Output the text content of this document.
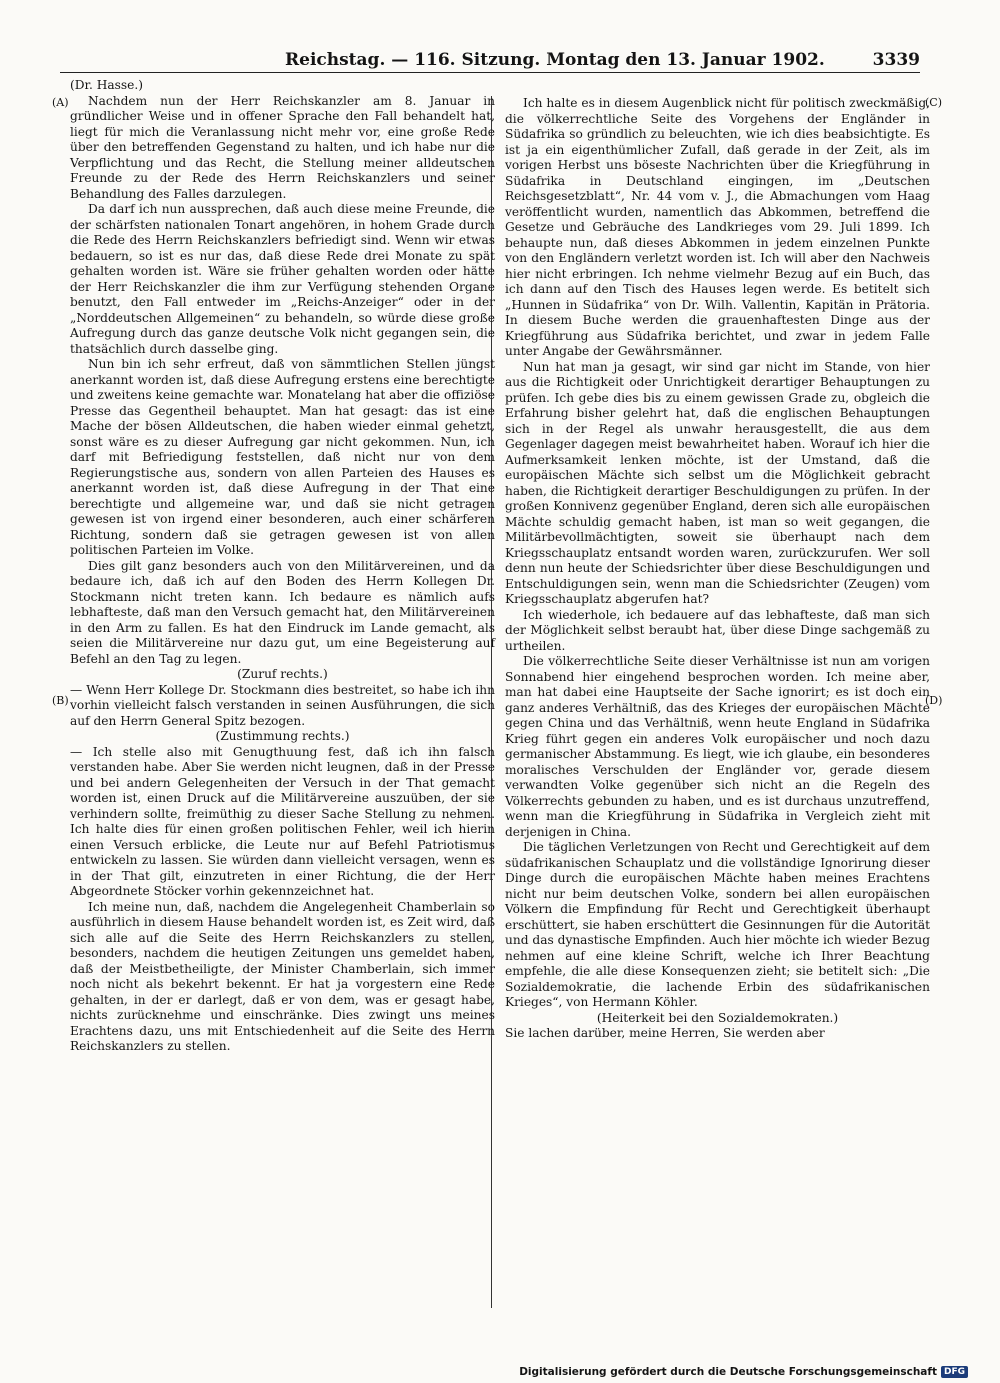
Reichstag. — 116. Sitzung. Montag den 13. Januar 1902.	3339
(A)
(B)
(C)
(D)

(Dr. Hasse.)

Nachdem nun der Herr Reichskanzler am 8. Januar in gründlicher Weise und in offener Sprache den Fall behandelt hat, liegt für mich die Veranlassung nicht mehr vor, eine große Rede über den betreffenden Gegenstand zu halten, und ich habe nur die Verpflichtung und das Recht, die Stellung meiner alldeutschen Freunde zu der Rede des Herrn Reichskanzlers und seiner Behandlung des Falles darzulegen.

Da darf ich nun aussprechen, daß auch diese meine Freunde, die der schärfsten nationalen Tonart angehören, in hohem Grade durch die Rede des Herrn Reichskanzlers befriedigt sind. Wenn wir etwas bedauern, so ist es nur das, daß diese Rede drei Monate zu spät gehalten worden ist. Wäre sie früher gehalten worden oder hätte der Herr Reichskanzler die ihm zur Verfügung stehenden Organe benutzt, den Fall entweder im „Reichs-Anzeiger“ oder in der „Norddeutschen Allgemeinen“ zu behandeln, so würde diese große Aufregung durch das ganze deutsche Volk nicht gegangen sein, die thatsächlich durch dasselbe ging.

Nun bin ich sehr erfreut, daß von sämmtlichen Stellen jüngst anerkannt worden ist, daß diese Aufregung erstens eine berechtigte und zweitens keine gemachte war. Monatelang hat aber die offiziöse Presse das Gegentheil behauptet. Man hat gesagt: das ist eine Mache der bösen Alldeutschen, die haben wieder einmal gehetzt, sonst wäre es zu dieser Aufregung gar nicht gekommen. Nun, ich darf mit Befriedigung feststellen, daß nicht nur von dem Regierungstische aus, sondern von allen Parteien des Hauses es anerkannt worden ist, daß diese Aufregung in der That eine berechtigte und allgemeine war, und daß sie nicht getragen gewesen ist von irgend einer besonderen, auch einer schärferen Richtung, sondern daß sie getragen gewesen ist von allen politischen Parteien im Volke.

Dies gilt ganz besonders auch von den Militärvereinen, und da bedaure ich, daß ich auf den Boden des Herrn Kollegen Dr. Stockmann nicht treten kann. Ich bedaure es nämlich aufs lebhafteste, daß man den Versuch gemacht hat, den Militärvereinen in den Arm zu fallen. Es hat den Eindruck im Lande gemacht, als seien die Militärvereine nur dazu gut, um eine Begeisterung auf Befehl an den Tag zu legen.

(Zuruf rechts.)

— Wenn Herr Kollege Dr. Stockmann dies bestreitet, so habe ich ihn vorhin vielleicht falsch verstanden in seinen Ausführungen, die sich auf den Herrn General Spitz bezogen.

(Zustimmung rechts.)

— Ich stelle also mit Genugthuung fest, daß ich ihn falsch verstanden habe. Aber Sie werden nicht leugnen, daß in der Presse und bei andern Gelegenheiten der Versuch in der That gemacht worden ist, einen Druck auf die Militärvereine auszuüben, der sie verhindern sollte, freimüthig zu dieser Sache Stellung zu nehmen. Ich halte dies für einen großen politischen Fehler, weil ich hierin einen Versuch erblicke, die Leute nur auf Befehl Patriotismus entwickeln zu lassen. Sie würden dann vielleicht versagen, wenn es in der That gilt, einzutreten in einer Richtung, die der Herr Abgeordnete Stöcker vorhin gekennzeichnet hat.

Ich meine nun, daß, nachdem die Angelegenheit Chamberlain so ausführlich in diesem Hause behandelt worden ist, es Zeit wird, daß sich alle auf die Seite des Herrn Reichskanzlers zu stellen, besonders, nachdem die heutigen Zeitungen uns gemeldet haben, daß der Meistbetheiligte, der Minister Chamberlain, sich immer noch nicht als bekehrt bekennt. Er hat ja vorgestern eine Rede gehalten, in der er darlegt, daß er von dem, was er gesagt habe, nichts zurücknehme und einschränke. Dies zwingt uns meines Erachtens dazu, uns mit Entschiedenheit auf die Seite des Herrn Reichskanzlers zu stellen.

Ich halte es in diesem Augenblick nicht für politisch zweckmäßig, die völkerrechtliche Seite des Vorgehens der Engländer in Südafrika so gründlich zu beleuchten, wie ich dies beabsichtigte. Es ist ja ein eigenthümlicher Zufall, daß gerade in der Zeit, als im vorigen Herbst uns böseste Nachrichten über die Kriegführung in Südafrika in Deutschland eingingen, im „Deutschen Reichsgesetzblatt“, Nr. 44 vom v. J., die Abmachungen vom Haag veröffentlicht wurden, namentlich das Abkommen, betreffend die Gesetze und Gebräuche des Landkrieges vom 29. Juli 1899. Ich behaupte nun, daß dieses Abkommen in jedem einzelnen Punkte von den Engländern verletzt worden ist. Ich will aber den Nachweis hier nicht erbringen. Ich nehme vielmehr Bezug auf ein Buch, das ich dann auf den Tisch des Hauses legen werde. Es betitelt sich „Hunnen in Südafrika“ von Dr. Wilh. Vallentin, Kapitän in Prätoria. In diesem Buche werden die grauenhaftesten Dinge aus der Kriegführung aus Südafrika berichtet, und zwar in jedem Falle unter Angabe der Gewährsmänner.

Nun hat man ja gesagt, wir sind gar nicht im Stande, von hier aus die Richtigkeit oder Unrichtigkeit derartiger Behauptungen zu prüfen. Ich gebe dies bis zu einem gewissen Grade zu, obgleich die Erfahrung bisher gelehrt hat, daß die englischen Behauptungen sich in der Regel als unwahr herausgestellt, die aus dem Gegenlager dagegen meist bewahrheitet haben. Worauf ich hier die Aufmerksamkeit lenken möchte, ist der Umstand, daß die europäischen Mächte sich selbst um die Möglichkeit gebracht haben, die Richtigkeit derartiger Beschuldigungen zu prüfen. In der großen Konnivenz gegenüber England, deren sich alle europäischen Mächte schuldig gemacht haben, ist man so weit gegangen, die Militärbevollmächtigten, soweit sie überhaupt nach dem Kriegsschauplatz entsandt worden waren, zurückzurufen. Wer soll denn nun heute der Schiedsrichter über diese Beschuldigungen und Entschuldigungen sein, wenn man die Schiedsrichter (Zeugen) vom Kriegsschauplatz abgerufen hat?

Ich wiederhole, ich bedauere auf das lebhafteste, daß man sich der Möglichkeit selbst beraubt hat, über diese Dinge sachgemäß zu urtheilen.

Die völkerrechtliche Seite dieser Verhältnisse ist nun am vorigen Sonnabend hier eingehend besprochen worden. Ich meine aber, man hat dabei eine Hauptseite der Sache ignorirt; es ist doch ein ganz anderes Verhältniß, das des Krieges der europäischen Mächte gegen China und das Verhältniß, wenn heute England in Südafrika Krieg führt gegen ein anderes Volk europäischer und noch dazu germanischer Abstammung. Es liegt, wie ich glaube, ein besonderes moralisches Verschulden der Engländer vor, gerade diesem verwandten Volke gegenüber sich nicht an die Regeln des Völkerrechts gebunden zu haben, und es ist durchaus unzutreffend, wenn man die Kriegführung in Südafrika in Vergleich zieht mit derjenigen in China.

Die täglichen Verletzungen von Recht und Gerechtigkeit auf dem südafrikanischen Schauplatz und die vollständige Ignorirung dieser Dinge durch die europäischen Mächte haben meines Erachtens nicht nur beim deutschen Volke, sondern bei allen europäischen Völkern die Empfindung für Recht und Gerechtigkeit überhaupt erschüttert, sie haben erschüttert die Gesinnungen für die Autorität und das dynastische Empfinden. Auch hier möchte ich wieder Bezug nehmen auf eine kleine Schrift, welche ich Ihrer Beachtung empfehle, die alle diese Konsequenzen zieht; sie betitelt sich: „Die Sozialdemokratie, die lachende Erbin des südafrikanischen Krieges“, von Hermann Köhler.

(Heiterkeit bei den Sozialdemokraten.)

Sie lachen darüber, meine Herren, Sie werden aber

Digitalisierung gefördert durch die Deutsche Forschungsgemeinschaft DFG
